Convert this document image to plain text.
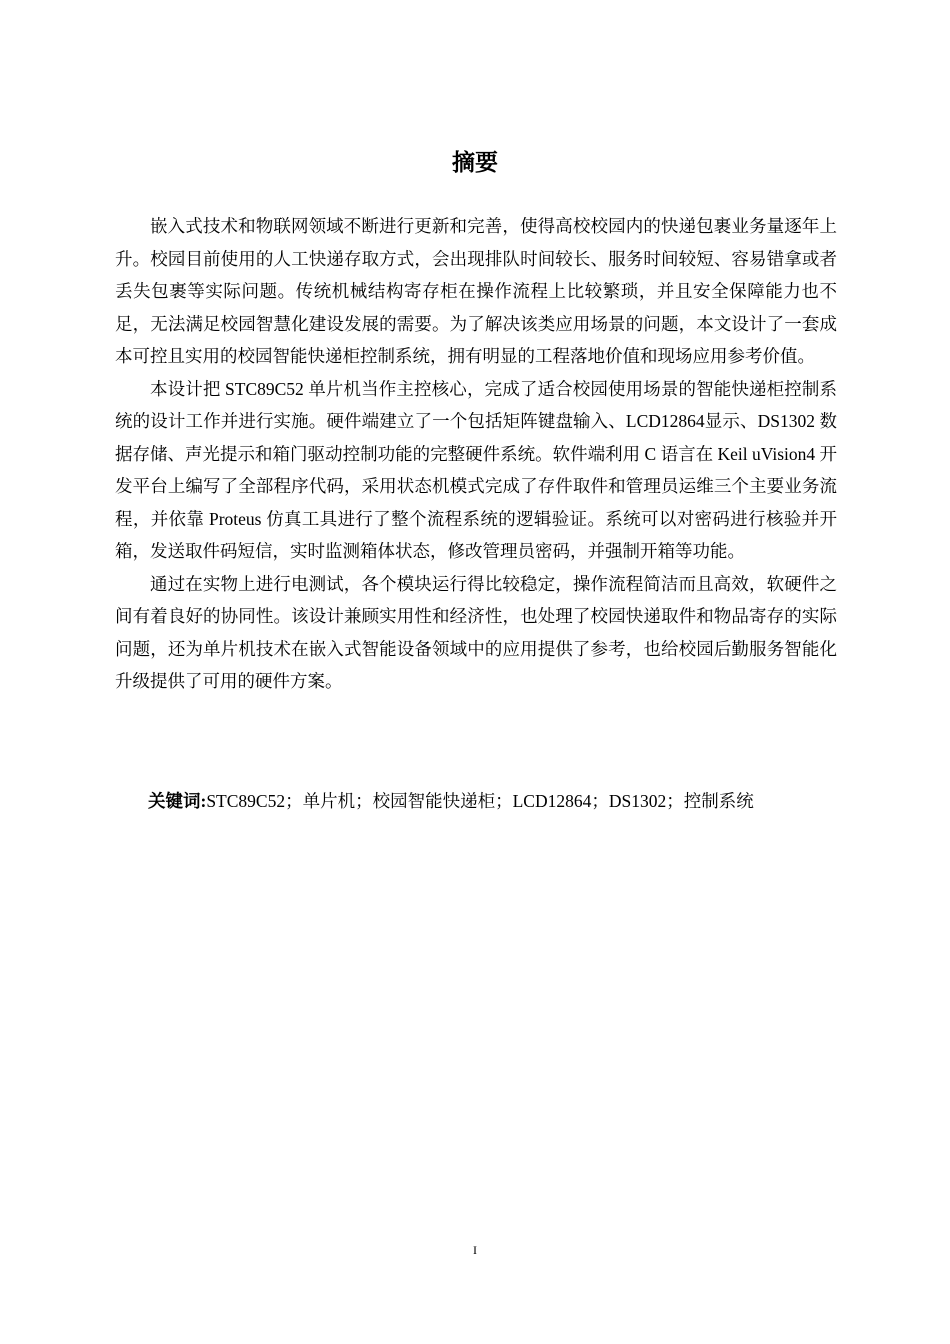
摘要

嵌入式技术和物联网领域不断进行更新和完善，使得高校校园内的快递包裹业务量逐年上升。校园目前使用的人工快递存取方式，会出现排队时间较长、服务时间较短、容易错拿或者丢失包裹等实际问题。传统机械结构寄存柜在操作流程上比较繁琐，并且安全保障能力也不足，无法满足校园智慧化建设发展的需要。为了解决该类应用场景的问题，本文设计了一套成本可控且实用的校园智能快递柜控制系统，拥有明显的工程落地价值和现场应用参考价值。

本设计把 STC89C52 单片机当作主控核心，完成了适合校园使用场景的智能快递柜控制系统的设计工作并进行实施。硬件端建立了一个包括矩阵键盘输入、LCD12864显示、DS1302 数据存储、声光提示和箱门驱动控制功能的完整硬件系统。软件端利用 C 语言在 Keil uVision4 开发平台上编写了全部程序代码，采用状态机模式完成了存件取件和管理员运维三个主要业务流程，并依靠 Proteus 仿真工具进行了整个流程系统的逻辑验证。系统可以对密码进行核验并开箱，发送取件码短信，实时监测箱体状态，修改管理员密码，并强制开箱等功能。

通过在实物上进行电测试，各个模块运行得比较稳定，操作流程简洁而且高效，软硬件之间有着良好的协同性。该设计兼顾实用性和经济性，也处理了校园快递取件和物品寄存的实际问题，还为单片机技术在嵌入式智能设备领域中的应用提供了参考，也给校园后勤服务智能化升级提供了可用的硬件方案。

关键词:STC89C52；单片机；校园智能快递柜；LCD12864；DS1302；控制系统
I
